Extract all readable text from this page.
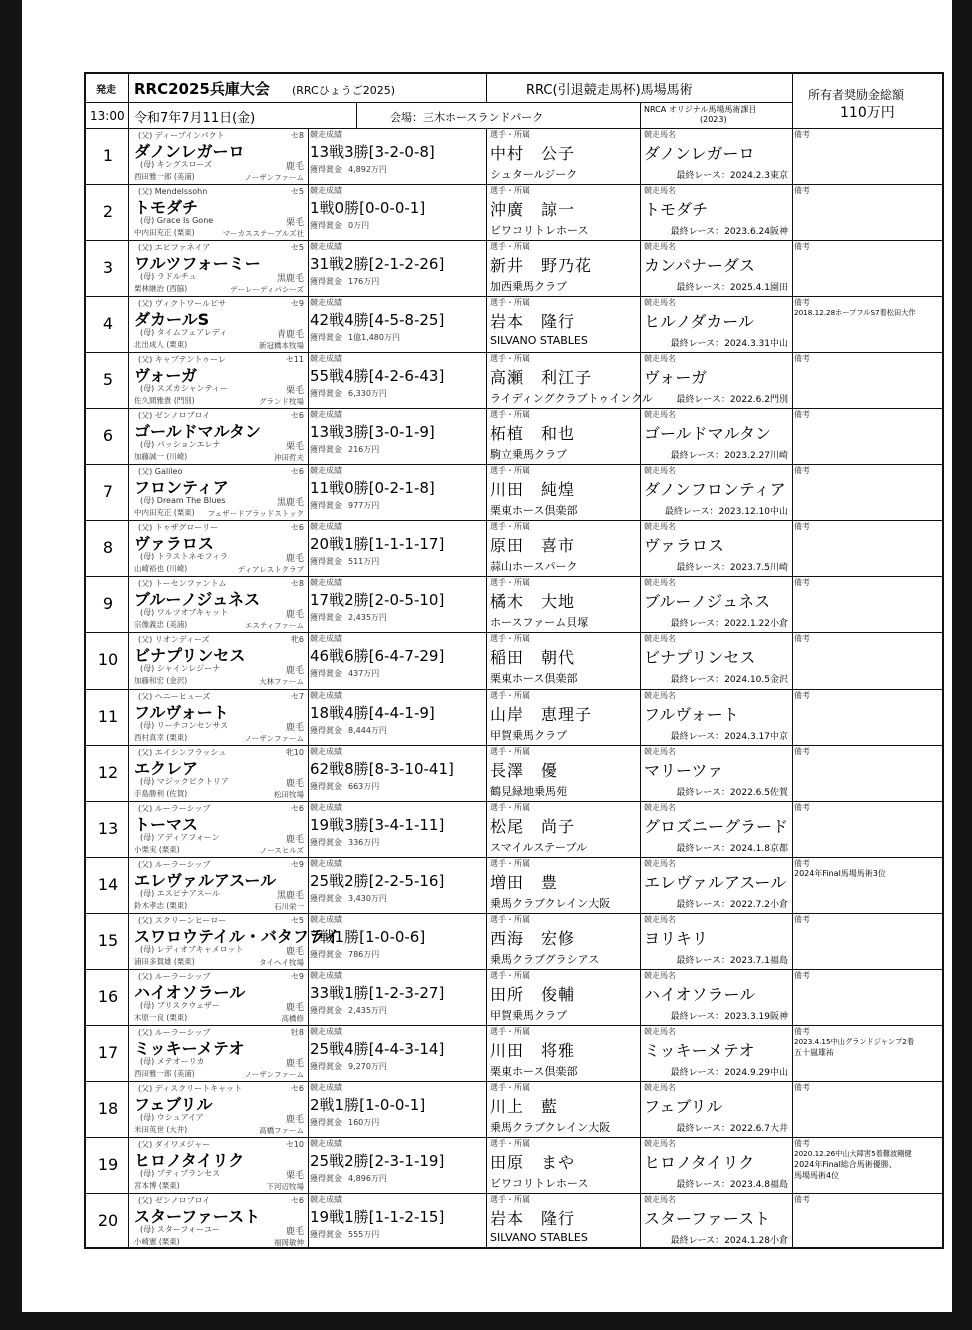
発走
13:00
RRC2025兵庫大会 (RRCひょうご2025)	RRC(引退競走馬杯)馬場馬術
令和7年7月11日(金)	会場：三木ホースランドパーク
NRCA オリジナル馬場馬術課目
(2023)
所有者奨励金総額
110万円
1
(父) ディープインパクト	セ8
ダノンレガーロ
(母) キングスローズ	鹿毛
西田雅一郎 (美浦)	ノーザンファーム
競走成績
13戦3勝[3-2-0-8]
獲得賞金 4,892万円
選手・所属
中村　公子
シュタールジーク
競走馬名
ダノンレガーロ
最終レース：2024.2.3東京
備考
2
(父) Mendelssohn	セ5
トモダチ
(母) Grace Is Gone	栗毛
中内田充正 (栗東)	マーカスステーブルズ社
競走成績
1戦0勝[0-0-0-1]
獲得賞金 0万円
選手・所属
沖廣　諒一
ビワコリトレホース
競走馬名
トモダチ
最終レース：2023.6.24阪神
備考
3
(父) エピファネイア	セ5
ワルツフォーミー
(母) ラドルチュ	黒鹿毛
栗林継治 (西脇)	デーレーディパシーズ
競走成績
31戦2勝[2-1-2-26]
獲得賞金 176万円
選手・所属
新井　野乃花
加西乗馬クラブ
競走馬名
カンパナーダス
最終レース：2025.4.1園田
備考
4
(父) ヴィクトワールピサ	セ9
ダカールS
(母) タイムフェアレディ	青鹿毛
北出成人 (栗東)	新冠橋本牧場
競走成績
42戦4勝[4-5-8-25]
獲得賞金 1億1,480万円
選手・所属
岩本　隆行
SILVANO STABLES
競走馬名
ヒルノダカール
最終レース：2024.3.31中山
備考
2018.12.28ホープフルS7着松田大作
5
(父) キャプテントゥーレ	セ11
ヴォーガ
(母) スズカシャンティー	栗毛
佐久間雅貴 (門別)	グランド牧場
競走成績
55戦4勝[4-2-6-43]
獲得賞金 6,330万円
選手・所属
高瀬　利江子
ライディングクラブトゥインクル
競走馬名
ヴォーガ
最終レース：2022.6.2門別
備考
6
(父) ゼンノロブロイ	セ6
ゴールドマルタン
(母) パッションエレナ	栗毛
加藤誠一 (川崎)	沖田哲夫
競走成績
13戦3勝[3-0-1-9]
獲得賞金 216万円
選手・所属
柘植　和也
駒立乗馬クラブ
競走馬名
ゴールドマルタン
最終レース：2023.2.27川崎
備考
7
(父) Galileo	セ6
フロンティア
(母) Dream The Blues	黒鹿毛
中内田充正 (栗東) フェザードブラッドストック
競走成績
11戦0勝[0-2-1-8]
獲得賞金 977万円
選手・所属
川田　純煌
栗東ホース倶楽部
競走馬名
ダノンフロンティア
最終レース：2023.12.10中山
備考
8
(父) トゥザグローリー	セ6
ヴァラロス
(母) トラストネモフィラ	鹿毛
山崎裕也 (川崎)	ディアレストクラブ
競走成績
20戦1勝[1-1-1-17]
獲得賞金 511万円
選手・所属
原田　喜市
蒜山ホースパーク
競走馬名
ヴァラロス
最終レース：2023.7.5川崎
備考
9
(父) トーセンファントム	セ8
ブルーノジュネス
(母) ワルツオブキャット	鹿毛
宗像義忠 (美浦)	エスティファーム
競走成績
17戦2勝[2-0-5-10]
獲得賞金 2,435万円
選手・所属
橘木　大地
ホースファーム貝塚
競走馬名
ブルーノジュネス
最終レース：2022.1.22小倉
備考
10
(父) リオンディーズ	牝6
ビナプリンセス
(母) シャインレジーナ	鹿毛
加藤和宏 (金沢)	大林ファーム
競走成績
46戦6勝[6-4-7-29]
獲得賞金 437万円
選手・所属
稲田　朝代
栗東ホース倶楽部
競走馬名
ビナプリンセス
最終レース：2024.10.5金沢
備考
11
(父) ヘニーヒューズ	セ7
フルヴォート
(母) リーチコンセンサス	鹿毛
西村真幸 (栗東)	ノーザンファーム
競走成績
18戦4勝[4-4-1-9]
獲得賞金 8,444万円
選手・所属
山岸　恵理子
甲賀乗馬クラブ
競走馬名
フルヴォート
最終レース：2024.3.17中京
備考
12
(父) エイシンフラッシュ	牝10
エクレア
(母) マジックピクトリア	鹿毛
手島勝利 (佐賀)	松田牧場
競走成績
62戦8勝[8-3-10-41]
獲得賞金 663万円
選手・所属
長澤　優
鶴見緑地乗馬苑
競走馬名
マリーツァ
最終レース：2022.6.5佐賀
備考
13
(父) ルーラーシップ	セ6
トーマス
(母) アディアフォーン	鹿毛
小栗実 (栗東)	ノースヒルズ
競走成績
19戦3勝[3-4-1-11]
獲得賞金 336万円
選手・所属
松尾　尚子
スマイルステーブル
競走馬名
グロズニーグラード
最終レース：2024.1.8京都
備考
14
(父) ルーラーシップ	セ9
エレヴァルアスール
(母) エスピナアスール	黒鹿毛
鈴木孝志 (栗東)	石川栄一
競走成績
25戦2勝[2-2-5-16]
獲得賞金 3,430万円
選手・所属
増田　豊
乗馬クラブクレイン大阪
競走馬名
エレヴァルアスール
最終レース：2022.7.2小倉
備考
2024年Final馬場馬術3位
15
(父) スクリーンヒーロー	セ5
スワロウテイル・バタフライ
(母) レディオブキャメロット	鹿毛
浦田多賀雄 (栗東)	タイヘイ牧場
競走成績
7戦1勝[1-0-0-6]
獲得賞金 786万円
選手・所属
西海　宏修
乗馬クラブグラシアス
競走馬名
ヨリキリ
最終レース：2023.7.1福島
備考
16
(父) ルーラーシップ	セ9
ハイオソラール
(母) ブリスクウェザー	鹿毛
木原一良 (栗東)	高橋修
競走成績
33戦1勝[1-2-3-27]
獲得賞金 2,435万円
選手・所属
田所　俊輔
甲賀乗馬クラブ
競走馬名
ハイオソラール
最終レース：2023.3.19阪神
備考
17
(父) ルーラーシップ	牡8
ミッキーメテオ
(母) メテオーリカ	鹿毛
西田雅一郎 (美浦)	ノーザンファーム
競走成績
25戦4勝[4-4-3-14]
獲得賞金 9,270万円
選手・所属
川田　将雅
栗東ホース倶楽部
競走馬名
ミッキーメテオ
最終レース：2024.9.29中山
備考
2023.4.15中山グランドジャンプ2着
五十嵐雄祐
18
(父) ディスクリートキャット	セ6
フェブリル
(母) ウシュアイア	鹿毛
米田英世 (大井)	高橋ファーム
競走成績
2戦1勝[1-0-0-1]
獲得賞金 160万円
選手・所属
川上　藍
乗馬クラブクレイン大阪
競走馬名
フェブリル
最終レース：2022.6.7大井
備考
19
(父) ダイワメジャー	セ10
ヒロノタイリク
(母) プティプランセス	栗毛
宮本博 (栗東)	下河辺牧場
競走成績
25戦2勝[2-3-1-19]
獲得賞金 4,896万円
選手・所属
田原　まや
ビワコリトレホース
競走馬名
ヒロノタイリク
最終レース：2023.4.8福島
備考
2020.12.26中山大障害5着難波剛健
2024年Final総合馬術優勝、
馬場馬術4位
20
(父) ゼンノロブロイ	セ6
スターファースト
(母) スターフォーユー	鹿毛
小崎憲 (栗東)	福岡敏伸
競走成績
19戦1勝[1-1-2-15]
獲得賞金 555万円
選手・所属
岩本　隆行
SILVANO STABLES
競走馬名
スターファースト
最終レース：2024.1.28小倉
備考
